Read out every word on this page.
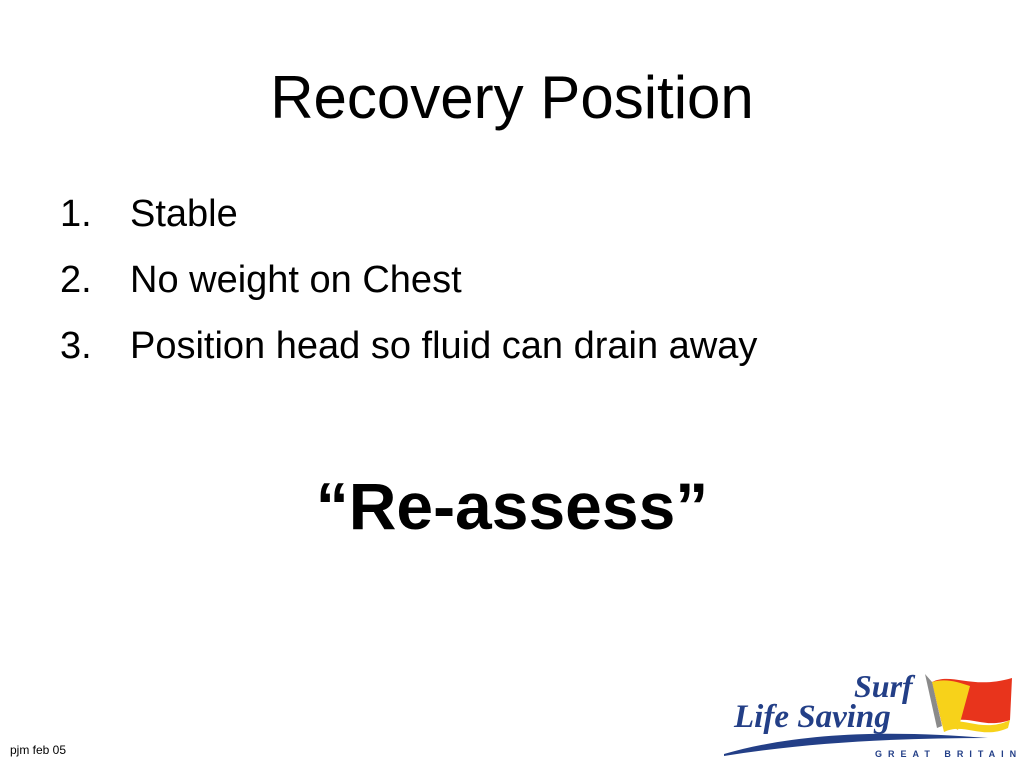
Recovery Position
1. Stable
2. No weight on Chest
3. Position head so fluid can drain away
“Re-assess”
pjm feb 05
Surf
Life Saving
GREAT BRITAIN
